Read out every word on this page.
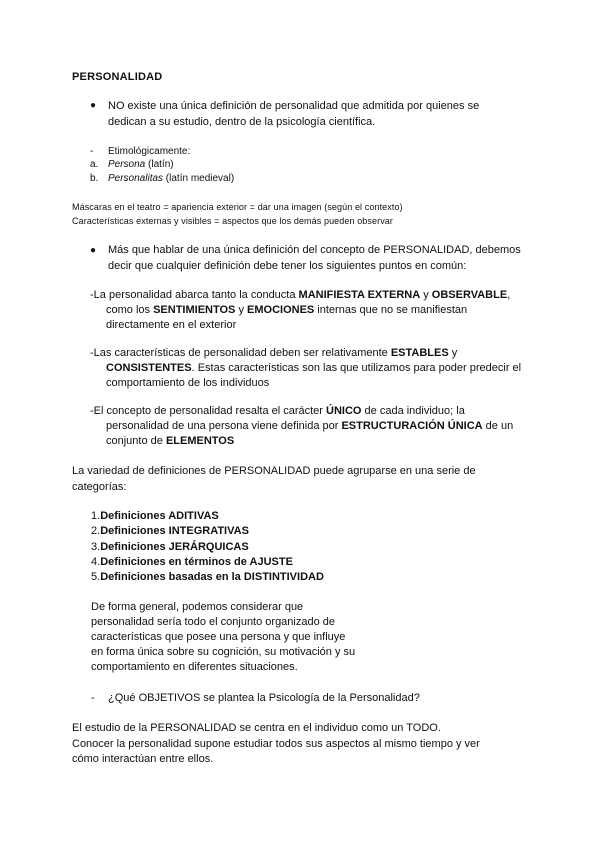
PERSONALIDAD
● NO existe una única definición de personalidad que admitida por quienes se
dedican a su estudio, dentro de la psicología científica.
- Etimológicamente:
a. Persona (latín)
b. Personalitas (latín medieval)
Máscaras en el teatro = apariencia exterior = dar una imagen (según el contexto)
Características externas y visibles = aspectos que los demás pueden observar
● Más que hablar de una única definición del concepto de PERSONALIDAD, debemos
decir que cualquier definición debe tener los siguientes puntos en común:
-La personalidad abarca tanto la conducta MANIFIESTA EXTERNA y OBSERVABLE,
como los SENTIMIENTOS y EMOCIONES internas que no se manifiestan
directamente en el exterior
-Las características de personalidad deben ser relativamente ESTABLES y
CONSISTENTES. Estas características son las que utilizamos para poder predecir el
comportamiento de los individuos
-El concepto de personalidad resalta el carácter ÚNICO de cada individuo; la
personalidad de una persona viene definida por ESTRUCTURACIÓN ÚNICA de un
conjunto de ELEMENTOS
La variedad de definiciones de PERSONALIDAD puede agruparse en una serie de
categorías:
1.Definiciones ADITIVAS
2.Definiciones INTEGRATIVAS
3.Definiciones JERÁRQUICAS
4.Definiciones en términos de AJUSTE
5.Definiciones basadas en la DISTINTIVIDAD
De forma general, podemos considerar que
personalidad sería todo el conjunto organizado de
características que posee una persona y que influye
en forma única sobre su cognición, su motivación y su
comportamiento en diferentes situaciones.
- ¿Qué OBJETIVOS se plantea la Psicología de la Personalidad?
El estudio de la PERSONALIDAD se centra en el individuo como un TODO.
Conocer la personalidad supone estudiar todos sus aspectos al mismo tiempo y ver
cómo interactúan entre ellos.
